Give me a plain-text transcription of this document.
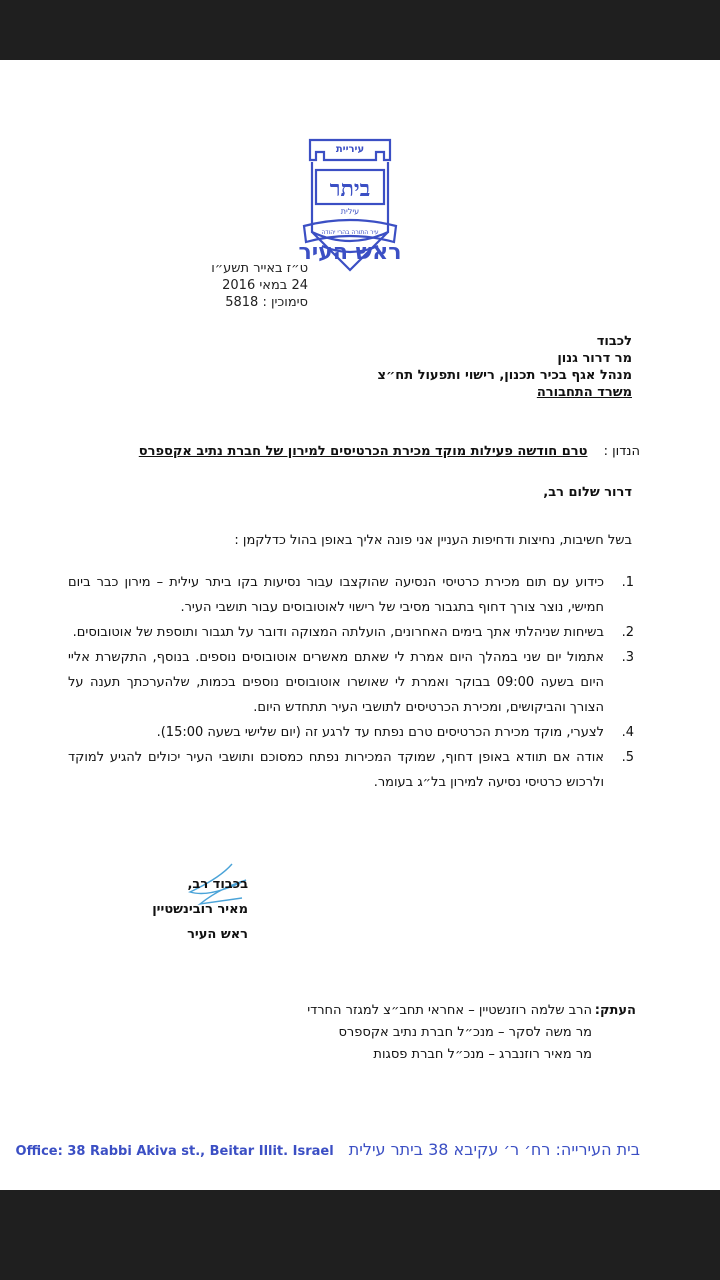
עיריית
ביתר
עילית
עיר התורה בהרי יהודה
ראש העיר
ט״ז באייר תשע״ו
24 במאי 2016
סימוכין : 5818
לכבוד
מר דרור גנון
מנהל אגף בכיר תכנון, רישוי ותפעול תח״צ
משרד התחבורה
הנדון : טרם חודשה פעילות מוקד מכירת הכרטיסים למירון של חברת נתיב אקספרס
דרור שלום רב,
בשל חשיבות, נחיצות ודחיפות העניין אני פונה אליך באופן בהול כדלקמן :
1.
כידוע עם תום מכירת כרטיסי הנסיעה שהוקצבו עבור נסיעות בקו ביתר עילית – מירון כבר ביום חמישי, נוצר צורך דחוף בתגבור מסיבי של רישוי לאוטובוסים עבור תושבי העיר.
2.
בשיחות שניהלתי אתך בימים האחרונים, הועלתה המצוקה ודובר על תגבור ותוספת של אוטובוסים.
3.
אתמול יום שני במהלך היום אמרת לי שאתם מאשרים אוטובוסים נוספים. בנוסף, התקשרת אליי היום בשעה 09:00 בבוקר ואמרת לי שאושרו אוטובוסים נוספים בכמות, שלהערכתך תענה על הצורך והביקושים, ומכירת הכרטיסים לתושבי העיר תתחדש היום.
4.
לצערי, מוקד מכירת הכרטיסים טרם נפתח עד לרגע זה (יום שלישי בשעה 15:00).
5.
אודה אם תוודא באופן דחוף, שמוקד המכירות נפתח כמסוכם ותושבי העיר יכולים להגיע למוקד ולרכוש כרטיסי נסיעה למירון בל״ג בעומר.
בכבוד רב,
מאיר רובינשטיין
ראש העיר
העתק:
הרב שלמה רוזנשטיין – אחראי תחב״צ למגזר החרדי
מר משה לסקר – מנכ״ל חברת נתיב אקספרס
מר מאיר רוזנברג – מנכ״ל חברת פסגות
בית העירייה: רח׳ ר׳ עקיבא 38 ביתר עילית Office: 38 Rabbi Akiva st., Beitar Illit. Israel
